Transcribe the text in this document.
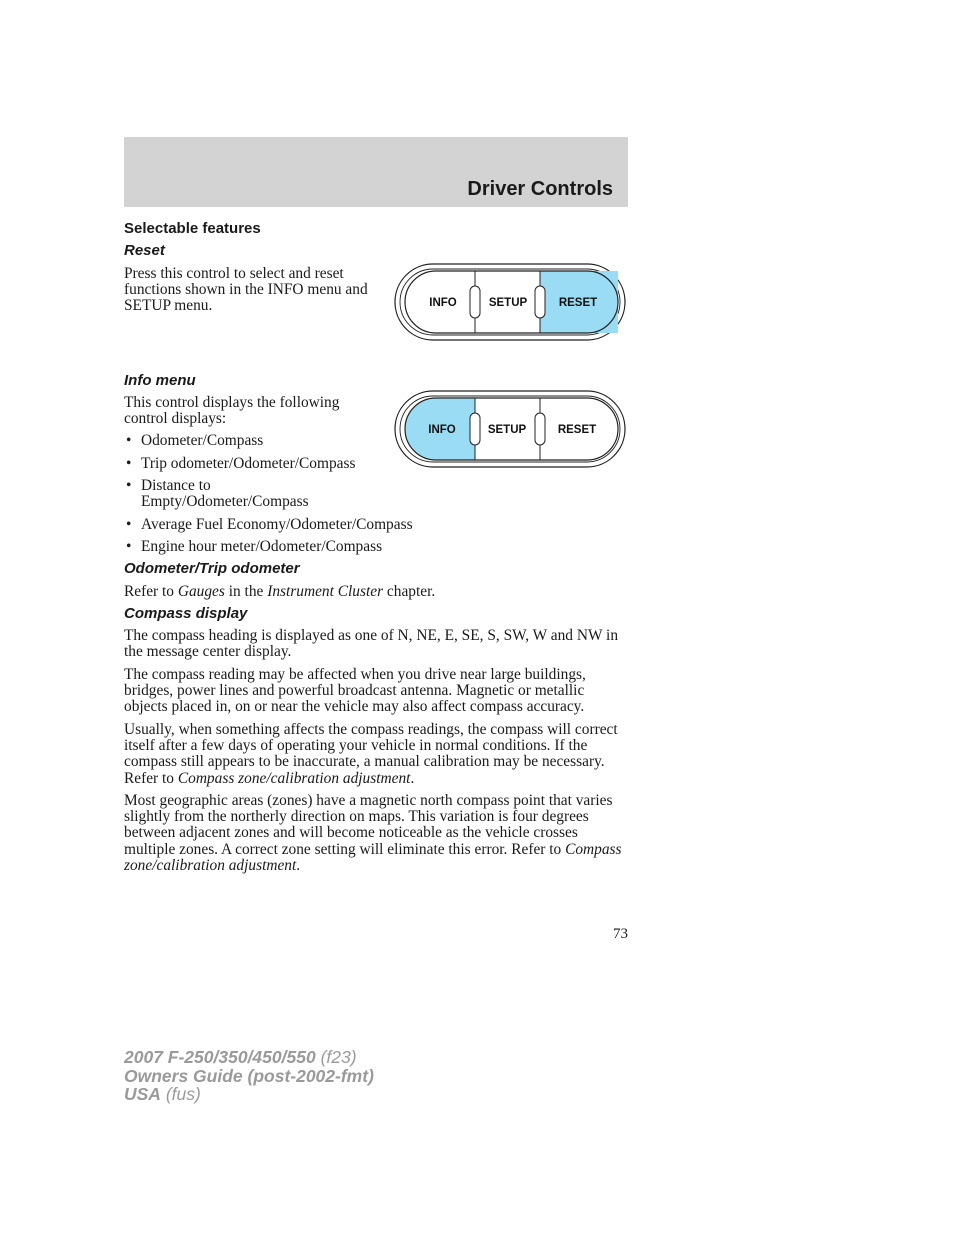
Driver Controls
Selectable features
Reset

Press this control to select and reset functions shown in the INFO menu and SETUP menu.	INFO	SETUP	RESET
Info menu

This control displays the following control displays:

INFO	SETUP	RESET
• Odometer/Compass
• Trip odometer/Odometer/Compass
• Distance to Empty/Odometer/Compass
• Average Fuel Economy/Odometer/Compass
• Engine hour meter/Odometer/Compass
Odometer/Trip odometer

Refer to Gauges in the Instrument Cluster chapter.

Compass display

The compass heading is displayed as one of N, NE, E, SE, S, SW, W and NW in the message center display.

The compass reading may be affected when you drive near large buildings, bridges, power lines and powerful broadcast antenna. Magnetic or metallic objects placed in, on or near the vehicle may also affect compass accuracy.

Usually, when something affects the compass readings, the compass will correct itself after a few days of operating your vehicle in normal conditions. If the compass still appears to be inaccurate, a manual calibration may be necessary. Refer to Compass zone/calibration adjustment.

Most geographic areas (zones) have a magnetic north compass point that varies slightly from the northerly direction on maps. This variation is four degrees between adjacent zones and will become noticeable as the vehicle crosses multiple zones. A correct zone setting will eliminate this error. Refer to Compass zone/calibration adjustment.

73
2007 F-250/350/450/550 (f23)
Owners Guide (post-2002-fmt)
USA (fus)
